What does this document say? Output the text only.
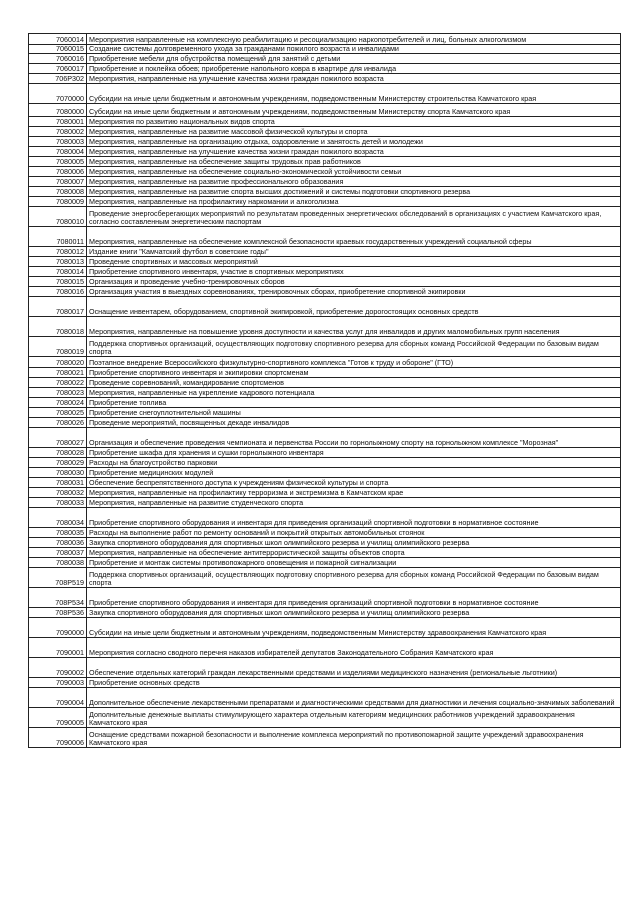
7060014	Мероприятия направленные на комплексную реабилитацию и ресоциализацию наркопотребителей и лиц, больных алкоголизмом
7060015	Создание системы долговременного ухода за гражданами пожилого возраста и инвалидами
7060016	Приобретение мебели для обустройства помещений для занятий с детьми
7060017	Приобретение и поклейка обоев; приобретение напольного ковра в квартире для инвалида
706P302	Мероприятия, направленные на улучшение качества жизни граждан пожилого возраста
7070000	Субсидии на иные цели бюджетным и автономным учреждениям, подведомственным Министерству строительства Камчатского края
7080000	Субсидии на иные цели бюджетным и автономным учреждениям, подведомственным Министерству спорта Камчатского края
7080001	Мероприятия по развитию национальных видов спорта
7080002	Мероприятия, направленные на развитие массовой физической культуры и спорта
7080003	Мероприятия, направленные на организацию отдыха, оздоровление и занятость детей и молодежи
7080004	Мероприятия, направленные на улучшение качества жизни граждан пожилого возраста
7080005	Мероприятия, направленные на обеспечение защиты трудовых прав работников
7080006	Мероприятия, направленные на обеспечение социально-экономической устойчивости семьи
7080007	Мероприятия, направленные на развитие профессионального образования
7080008	Мероприятия, направленные на развитие спорта высших достижений и системы подготовки спортивного резерва
7080009	Мероприятия, направленные на профилактику наркомании и алкоголизма
7080010	Проведение энергосберегающих мероприятий по результатам проведенных энергетических обследований в организациях с участием Камчатского края, согласно составленным энергетическим паспортам
7080011	Мероприятия, направленные на обеспечение комплексной безопасности краевых государственных учреждений социальной сферы
7080012	Издание книги "Камчатский футбол в советские годы"
7080013	Проведение спортивных и массовых мероприятий
7080014	Приобретение спортивного инвентаря, участие в спортивных мероприятиях
7080015	Организация и проведение учебно-тренировочных сборов
7080016	Организация участия в выездных соревнованиях, тренировочных сборах, приобретение спортивной экипировки
7080017	Оснащение инвентарем, оборудованием, спортивной экипировкой, приобретение дорогостоящих основных средств
7080018	Мероприятия, направленные на повышение уровня доступности и качества услуг для инвалидов и других маломобильных групп населения
7080019	Поддержка спортивных организаций, осуществляющих подготовку спортивного резерва для сборных команд Российской Федерации по базовым видам спорта
7080020	Поэтапное внедрение Всероссийского физкультурно-спортивного комплекса "Готов к труду и обороне" (ГТО)
7080021	Приобретение спортивного инвентаря и экипировки спортсменам
7080022	Проведение соревнований, командирование спортсменов
7080023	Мероприятия, направленные на укрепление кадрового потенциала
7080024	Приобретение топлива
7080025	Приобретение снегоуплотнительной машины
7080026	Проведение мероприятий, посвященных декаде инвалидов
7080027	Организация и обеспечение проведения чемпионата и первенства России по горнолыжному спорту на горнолыжном комплексе "Морозная"
7080028	Приобретение шкафа для хранения и сушки горнолыжного инвентаря
7080029	Расходы на благоустройство парковки
7080030	Приобретение медицинских модулей
7080031	Обеспечение беспрепятственного доступа к учреждениям физической культуры и спорта
7080032	Мероприятия, направленные на профилактику терроризма и экстремизма в Камчатском крае
7080033	Мероприятия, направленные на развитие студенческого спорта
7080034	Приобретение спортивного оборудования и инвентаря для приведения организаций спортивной подготовки в нормативное состояние
7080035	Расходы на выполнение работ по ремонту оснований и покрытий открытых автомобильных стоянок
7080036	Закупка спортивного оборудования для спортивных школ олимпийского резерва и училищ олимпийского резерва
7080037	Мероприятия, направленные на обеспечение антитеррористической защиты объектов спорта
7080038	Приобретение и монтаж системы противопожарного оповещения и пожарной сигнализации
708P519	Поддержка спортивных организаций, осуществляющих подготовку спортивного резерва для сборных команд Российской Федерации по базовым видам спорта
708P534	Приобретение спортивного оборудования и инвентаря для приведения организаций спортивной подготовки в нормативное состояние
708P536	Закупка спортивного оборудования для спортивных школ олимпийского резерва и училищ олимпийского резерва
7090000	Субсидии на иные цели бюджетным и автономным учреждениям, подведомственным Министерству здравоохранения Камчатского края
7090001	Мероприятия согласно сводного перечня наказов избирателей депутатов Законодательного Собрания Камчатского края
7090002	Обеспечение отдельных категорий граждан лекарственными средствами и изделиями медицинского назначения (региональные льготники)
7090003	Приобретение основных средств
7090004	Дополнительное обеспечение лекарственными препаратами и диагностическими средствами для диагностики и лечения социально-значимых заболеваний
7090005	Дополнительные денежные выплаты стимулирующего характера отдельным категориям медицинских работников учреждений здравоохранения Камчатского края
7090006	Оснащение средствами пожарной безопасности и выполнение комплекса мероприятий по противопожарной защите учреждений здравоохранения Камчатского края
